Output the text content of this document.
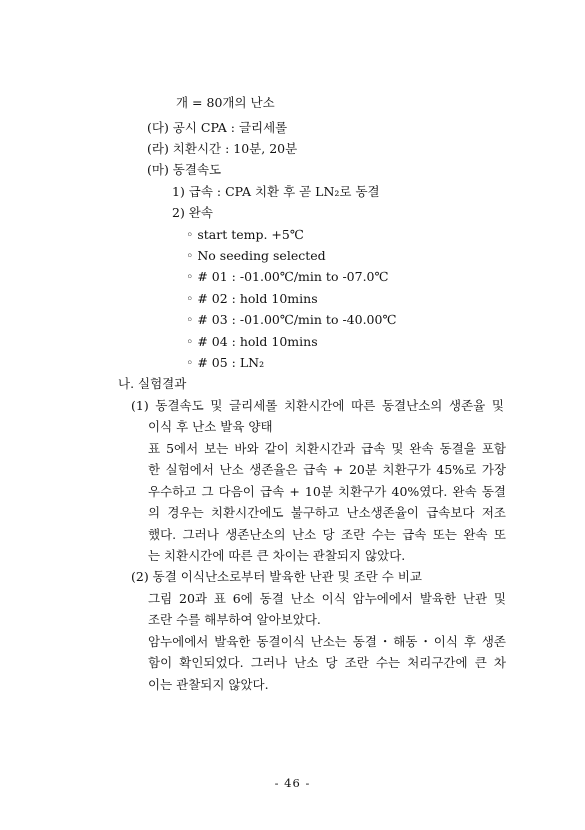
개 = 80개의 난소
(다) 공시 CPA : 글리세롤
(라) 치환시간 : 10분, 20분
(마) 동결속도
1) 급속 : CPA 치환 후 곧 LN₂로 동결
2) 완속
◦ start temp. +5℃
◦ No seeding selected
◦ # 01 : -01.00℃/min to -07.0℃
◦ # 02 : hold 10mins
◦ # 03 : -01.00℃/min to -40.00℃
◦ # 04 : hold 10mins
◦ # 05 : LN₂
나. 실험결과
(1) 동결속도 및 글리세롤 치환시간에 따른 동결난소의 생존율 및
이식 후 난소 발육 양태
표 5에서 보는 바와 같이 치환시간과 급속 및 완속 동결을 포함
한 실험에서 난소 생존율은 급속 + 20분 치환구가 45%로 가장
우수하고 그 다음이 급속 + 10분 치환구가 40%였다. 완속 동결
의 경우는 치환시간에도 불구하고 난소생존율이 급속보다 저조
했다. 그러나 생존난소의 난소 당 조란 수는 급속 또는 완속 또
는 치환시간에 따른 큰 차이는 관찰되지 않았다.
(2) 동결 이식난소로부터 발육한 난관 및 조란 수 비교
그림 20과 표 6에 동결 난소 이식 암누에에서 발육한 난관 및
조란 수를 해부하여 알아보았다.
암누에에서 발육한 동결이식 난소는 동결・해동・이식 후 생존
함이 확인되었다. 그러나 난소 당 조란 수는 처리구간에 큰 차
이는 관찰되지 않았다.
- 46 -
